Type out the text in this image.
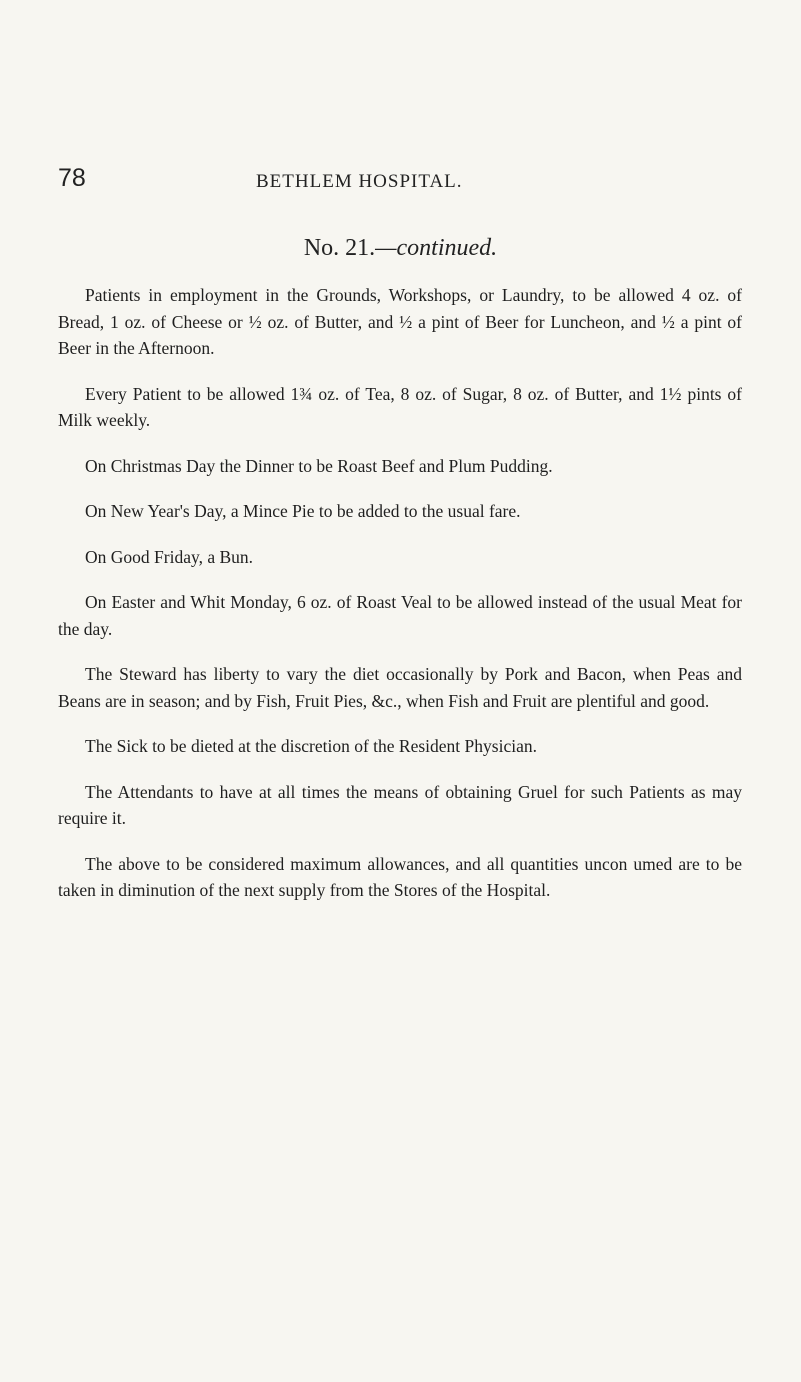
78	BETHLEM HOSPITAL.
No. 21.—continued.

Patients in employment in the Grounds, Workshops, or Laundry, to be allowed 4 oz. of Bread, 1 oz. of Cheese or ½ oz. of Butter, and ½ a pint of Beer for Luncheon, and ½ a pint of Beer in the Afternoon.

Every Patient to be allowed 1¾ oz. of Tea, 8 oz. of Sugar, 8 oz. of Butter, and 1½ pints of Milk weekly.

On Christmas Day the Dinner to be Roast Beef and Plum Pudding.

On New Year's Day, a Mince Pie to be added to the usual fare.

On Good Friday, a Bun.

On Easter and Whit Monday, 6 oz. of Roast Veal to be allowed instead of the usual Meat for the day.

The Steward has liberty to vary the diet occasionally by Pork and Bacon, when Peas and Beans are in season; and by Fish, Fruit Pies, &c., when Fish and Fruit are plentiful and good.

The Sick to be dieted at the discretion of the Resident Physician.

The Attendants to have at all times the means of obtaining Gruel for such Patients as may require it.

The above to be considered maximum allowances, and all quantities uncon umed are to be taken in diminution of the next supply from the Stores of the Hospital.
